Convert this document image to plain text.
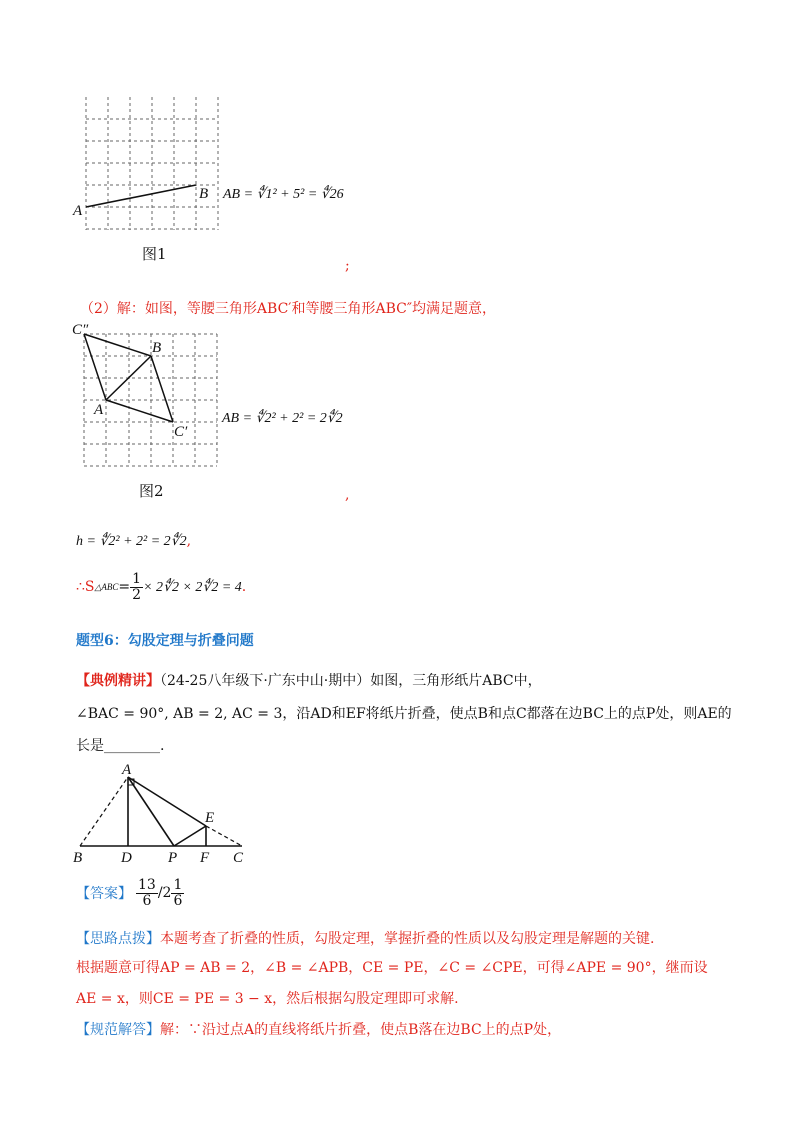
A
B AB = ∜1² + 5² = ∜26
图1
;
（2）解：如图，等腰三角形ABC′和等腰三角形ABC″均满足题意，
C″
B
A
C′
AB = ∜2² + 2² = 2∜2
图2	,
h = ∜2² + 2² = 2∜2,
∴S △ABC = $\frac{1}{2}$ × 2∜2 × 2∜2 = 4 .
题型6：勾股定理与折叠问题
【典例精讲】（24-25八年级下·广东中山·期中）如图，三角形纸片ABC中，
∠BAC = 90°, AB = 2, AC = 3，沿AD和EF将纸片折叠，使点B和点C都落在边BC上的点P处，则AE的
长是________.
A
E
B	D P F C
【答案】 $\frac{13}{6} /2 \frac{1}{6}$
【思路点拨】本题考查了折叠的性质，勾股定理，掌握折叠的性质以及勾股定理是解题的关键.
根据题意可得AP = AB = 2，∠B = ∠APB，CE = PE，∠C = ∠CPE，可得∠APE = 90°，继而设
AE = x，则CE = PE = 3 − x，然后根据勾股定理即可求解.
【规范解答】解：∵沿过点A的直线将纸片折叠，使点B落在边BC上的点P处，
